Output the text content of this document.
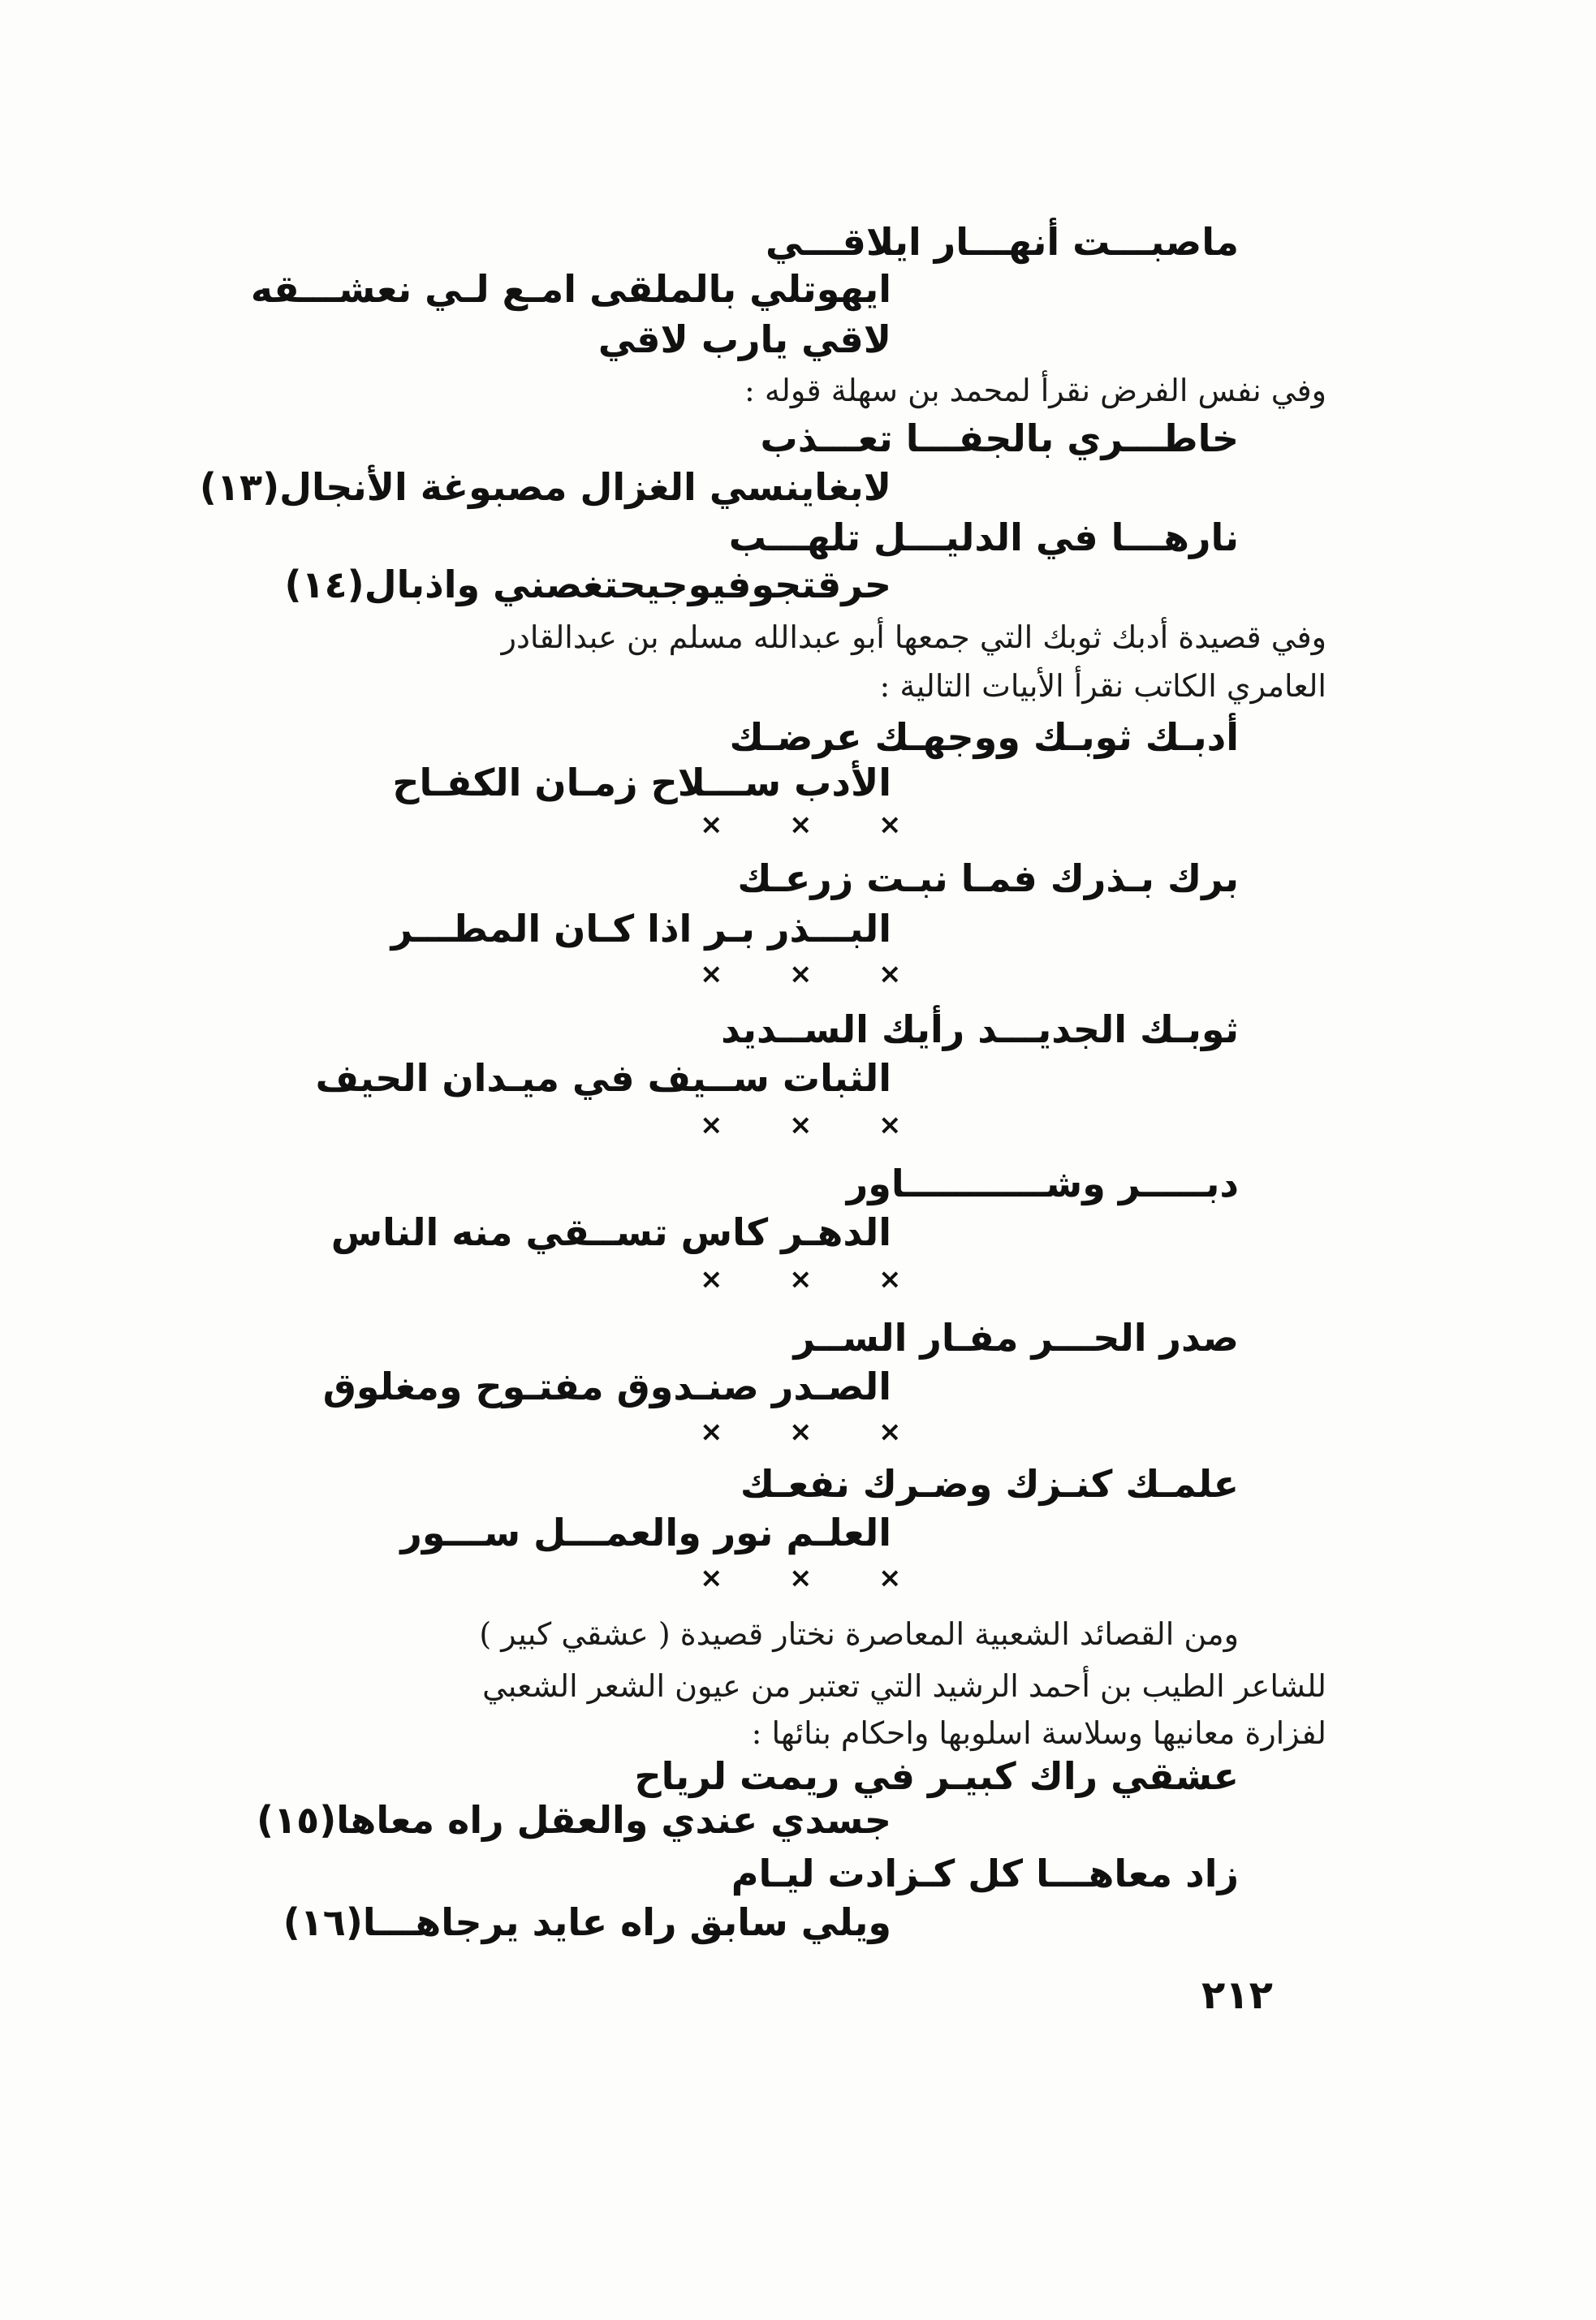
ماصبـــت أنهـــار ايلاقـــي
ايهوتلي بالملقى امـع لـي نعشـــقه
لاقي يارب لاقي
وفي نفس الفرض نقرأ لمحمد بن سهلة قوله :
خاطـــري بالجفـــا تعـــذب
لابغاينسي الغزال مصبوغة الأنجال(١٣)
نارهـــا في الدليـــل تلهـــب
حرقتجوفيوجيحتغصني واذبال(١٤)
وفي قصيدة أدبك ثوبك التي جمعها أبو عبدالله مسلم بن عبدالقادر
العامري الكاتب نقرأ الأبيات التالية :
أدبـك ثوبـك ووجهـك عرضـك
الأدب ســـلاح زمـان الكفـاح
× × ×
برك بـذرك فمـا نبـت زرعـك
البـــذر بـر اذا كـان المطـــر
× × ×
ثوبـك الجديـــد رأيك الســديد
الثبات ســيف في ميـدان الحيف
× × ×
دبـــــر وشـــــــــــاور
الدهـر كاس تســقي منه الناس
× × ×
صدر الحـــر مفـار الســر
الصـدر صنـدوق مفتـوح ومغلوق
× × ×
علمـك كنـزك وضـرك نفعـك
العلـم نور والعمـــل ســـور
× × ×
ومن القصائد الشعبية المعاصرة نختار قصيدة ( عشقي كبير )
للشاعر الطيب بن أحمد الرشيد التي تعتبر من عيون الشعر الشعبي
لفزارة معانيها وسلاسة اسلوبها واحكام بنائها :
عشقي راك كبيـر في ريمت لرياح
جسدي عندي والعقل راه معاها(١٥)
زاد معاهـــا كل كـزادت ليـام
ويلي سابق راه عايد يرجاهـــا(١٦)
٢١٢
